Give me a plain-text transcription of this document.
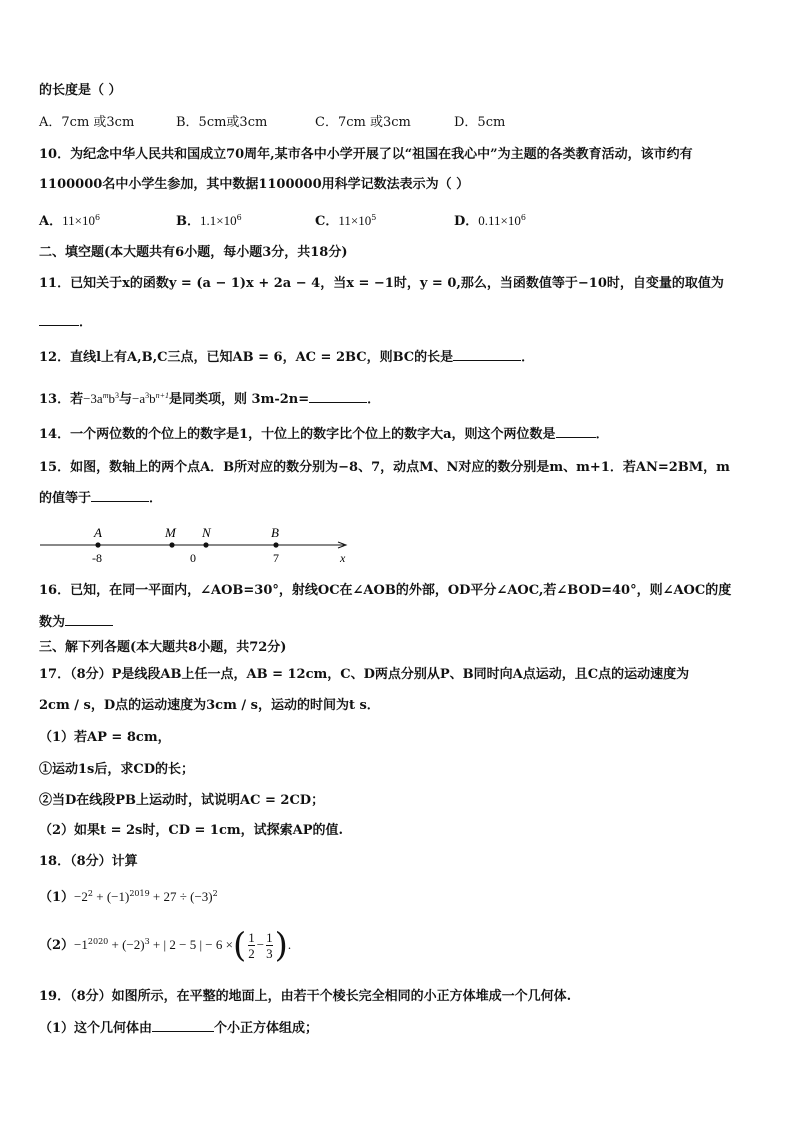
的长度是（ ）
A．7cm 或3cm	B．5cm或3cm	C．7cm 或3cm	D．5cm
10．为纪念中华人民共和国成立70周年,某市各中小学开展了以“祖国在我心中”为主题的各类教育活动，该市约有
1100000名中小学生参加，其中数据1100000用科学记数法表示为（ ）
A．$11\times 10^6$	B．$1.1\times 10^6$	C．$11\times 10^5$	D．$0.11\times 10^6$
二、填空题(本大题共有6小题，每小题3分，共18分)
11．已知关于x的函数y = (a − 1)x + 2a − 4，当x = −1时，y = 0,那么，当函数值等于−10时，自变量的取值为
．
12．直线l上有A,B,C三点，已知AB = 6，AC = 2BC，则BC的长是	．
13．若$-3a^mb^3$与$-a^3b^{n+1}$是同类项，则 3m-2n=	．
14．一个两位数的个位上的数字是1，十位上的数字比个位上的数字大a，则这个两位数是	．
15．如图，数轴上的两个点A．B所对应的数分别为−8、7，动点M、N对应的数分别是m、m+1．若AN=2BM，m
的值等于	．
A	M N	B
-8	0	7	x
16．已知，在同一平面内，∠AOB=30°，射线OC在∠AOB的外部，OD平分∠AOC,若∠BOD=40°，则∠AOC的度
数为
三、解下列各题(本大题共8小题，共72分)
17．（8分）P是线段AB上任一点，AB = 12cm，C、D两点分别从P、B同时向A点运动，且C点的运动速度为
2cm / s，D点的运动速度为3cm / s，运动的时间为t s．
（1）若AP = 8cm，
①运动1s后，求CD的长；
②当D在线段PB上运动时，试说明AC = 2CD；
（2）如果t = 2s时，CD = 1cm，试探索AP的值.
18．（8分）计算
$(1)-2^2 + (-1)^{2019} + 27 \div (-3)^2$
$(2)-1^{2020} + (-2)^3$ + | 2 − 5 | − 6 ×( $\frac{1}{2} - \frac{1}{3}$ ).
19．（8分）如图所示，在平整的地面上，由若干个棱长完全相同的小正方体堆成一个几何体.
（1）这个几何体由	个小正方体组成；
